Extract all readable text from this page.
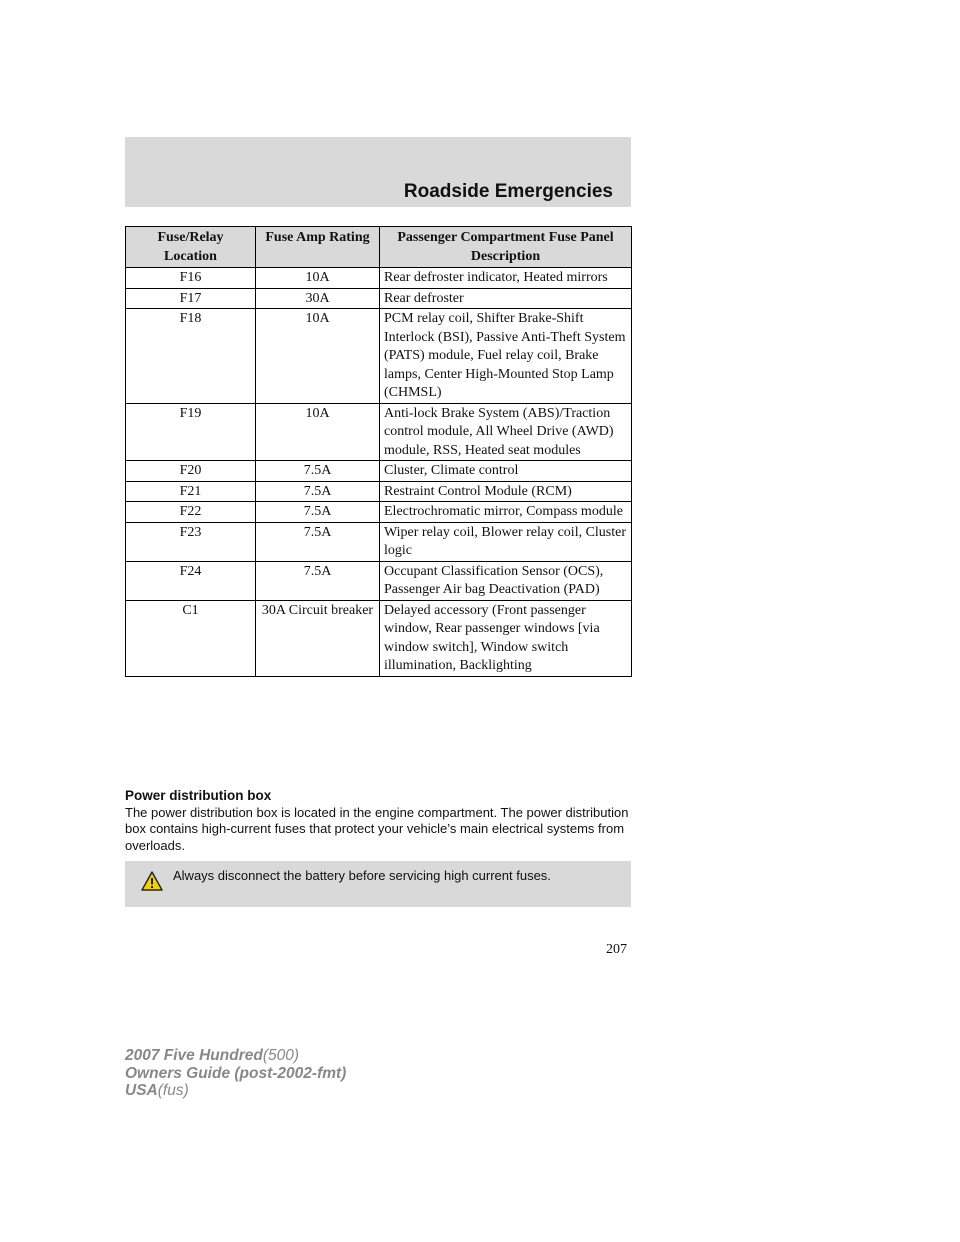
Roadside Emergencies
Fuse/Relay Location	Fuse Amp Rating	Passenger Compartment Fuse Panel Description
F16	10A	Rear defroster indicator, Heated mirrors
F17	30A	Rear defroster
F18	10A	PCM relay coil, Shifter Brake-Shift Interlock (BSI), Passive Anti-Theft System (PATS) module, Fuel relay coil, Brake lamps, Center High-Mounted Stop Lamp (CHMSL)
F19	10A	Anti-lock Brake System (ABS)/Traction control module, All Wheel Drive (AWD) module, RSS, Heated seat modules
F20	7.5A	Cluster, Climate control
F21	7.5A	Restraint Control Module (RCM)
F22	7.5A	Electrochromatic mirror, Compass module
F23	7.5A	Wiper relay coil, Blower relay coil, Cluster logic
F24	7.5A	Occupant Classification Sensor (OCS), Passenger Air bag Deactivation (PAD)
C1	30A Circuit breaker	Delayed accessory (Front passenger window, Rear passenger windows [via window switch], Window switch illumination, Backlighting

Power distribution box

The power distribution box is located in the engine compartment. The power distribution box contains high-current fuses that protect your vehicle’s main electrical systems from overloads.

Always disconnect the battery before servicing high current fuses.
207
2007 Five Hundred(500)
Owners Guide (post-2002-fmt)
USA(fus)
